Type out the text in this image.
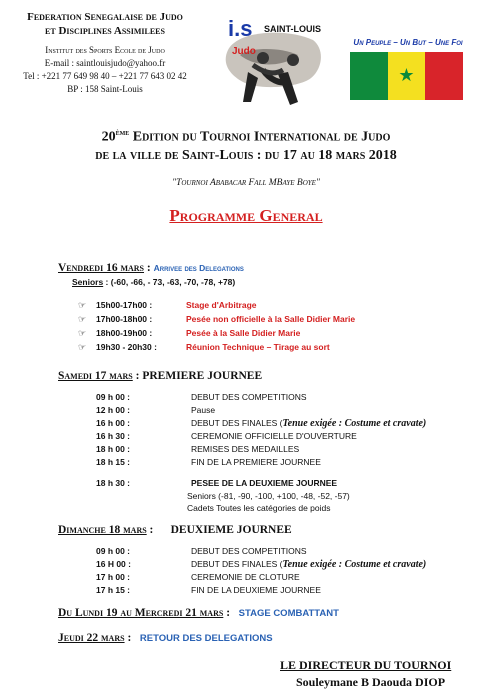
Federation Senegalaise de Judo
et Disciplines Assimilees
Institut des Sports Ecole de Judo
E-mail : saintlouisjudo@yahoo.fr
Tel : +221 77 649 98 40 – +221 77 643 02 42
BP : 158 Saint-Louis
i.s SAINT-LOUIS
Judo
Un Peuple – Un But – Une Foi
★
20ème Edition du Tournoi International de Judo
de la ville de Saint-Louis : du 17 au 18 mars 2018
"Tournoi Ababacar Fall MBaye Boye"
Programme General
Vendredi 16 mars : Arrivee des Delegations
Seniors : (-60, -66, - 73, -63, -70, -78, +78)
☞ 15h00-17h00 :	Stage d'Arbitrage
☞ 17h00-18h00 :	Pesée non officielle à la Salle Didier Marie
☞ 18h00-19h00 :	Pesée à la Salle Didier Marie
☞ 19h30 - 20h30 :	Réunion Technique – Tirage au sort
Samedi 17 mars : PREMIERE JOURNEE
09 h 00 :	DEBUT DES COMPETITIONS
12 h 00 :	Pause
16 h 00 :	DEBUT DES FINALES (Tenue exigée : Costume et cravate)
16 h 30 :	CEREMONIE OFFICIELLE D'OUVERTURE
18 h 00 :	REMISES DES MEDAILLES
18 h 15 :	FIN DE LA PREMIERE JOURNEE
18 h 30 :	PESEE DE LA DEUXIEME JOURNEE
Seniors (-81, -90, -100, +100, -48, -52, -57)
Cadets Toutes les catégories de poids
Dimanche 18 mars :      DEUXIEME JOURNEE
09 h 00 :	DEBUT DES COMPETITIONS
16 H 00 :	DEBUT DES FINALES (Tenue exigée : Costume et cravate)
17 h 00 :	CEREMONIE DE CLOTURE
17 h 15 :	FIN DE LA DEUXIEME JOURNEE
Du Lundi 19 au Mercredi 21 mars :   STAGE COMBATTANT
Jeudi 22 mars :   RETOUR DES DELEGATIONS
LE DIRECTEUR DU TOURNOI
Souleymane B Daouda DIOP
